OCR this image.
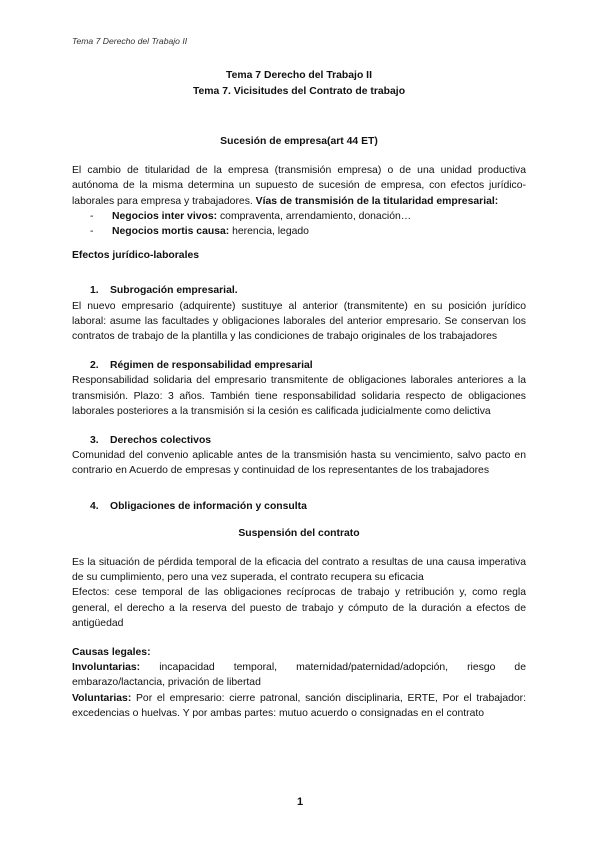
Tema 7 Derecho del Trabajo II
Tema 7 Derecho del Trabajo II
Tema 7. Vicisitudes del Contrato de trabajo
Sucesión de empresa(art 44 ET)

El cambio de titularidad de la empresa (transmisión empresa) o de una unidad productiva autónoma de la misma determina un supuesto de sucesión de empresa, con efectos jurídico-laborales para empresa y trabajadores. Vías de transmisión de la titularidad empresarial:

- Negocios inter vivos: compraventa, arrendamiento, donación…
- Negocios mortis causa: herencia, legado
Efectos jurídico-laborales
1. Subrogación empresarial.

El nuevo empresario (adquirente) sustituye al anterior (transmitente) en su posición jurídico laboral: asume las facultades y obligaciones laborales del anterior empresario. Se conservan los contratos de trabajo de la plantilla y las condiciones de trabajo originales de los trabajadores

2. Régimen de responsabilidad empresarial

Responsabilidad solidaria del empresario transmitente de obligaciones laborales anteriores a la transmisión. Plazo: 3 años. También tiene responsabilidad solidaria respecto de obligaciones laborales posteriores a la transmisión si la cesión es calificada judicialmente como delictiva

3. Derechos colectivos

Comunidad del convenio aplicable antes de la transmisión hasta su vencimiento, salvo pacto en contrario en Acuerdo de empresas y continuidad de los representantes de los trabajadores

4. Obligaciones de información y consulta
Suspensión del contrato

Es la situación de pérdida temporal de la eficacia del contrato a resultas de una causa imperativa de su cumplimiento, pero una vez superada, el contrato recupera su eficacia

Efectos: cese temporal de las obligaciones recíprocas de trabajo y retribución y, como regla general, el derecho a la reserva del puesto de trabajo y cómputo de la duración a efectos de antigüedad

Causas legales:

Involuntarias: incapacidad temporal, maternidad/paternidad/adopción, riesgo de embarazo/lactancia, privación de libertad

Voluntarias: Por el empresario: cierre patronal, sanción disciplinaria, ERTE, Por el trabajador: excedencias o huelvas. Y por ambas partes: mutuo acuerdo o consignadas en el contrato

1
